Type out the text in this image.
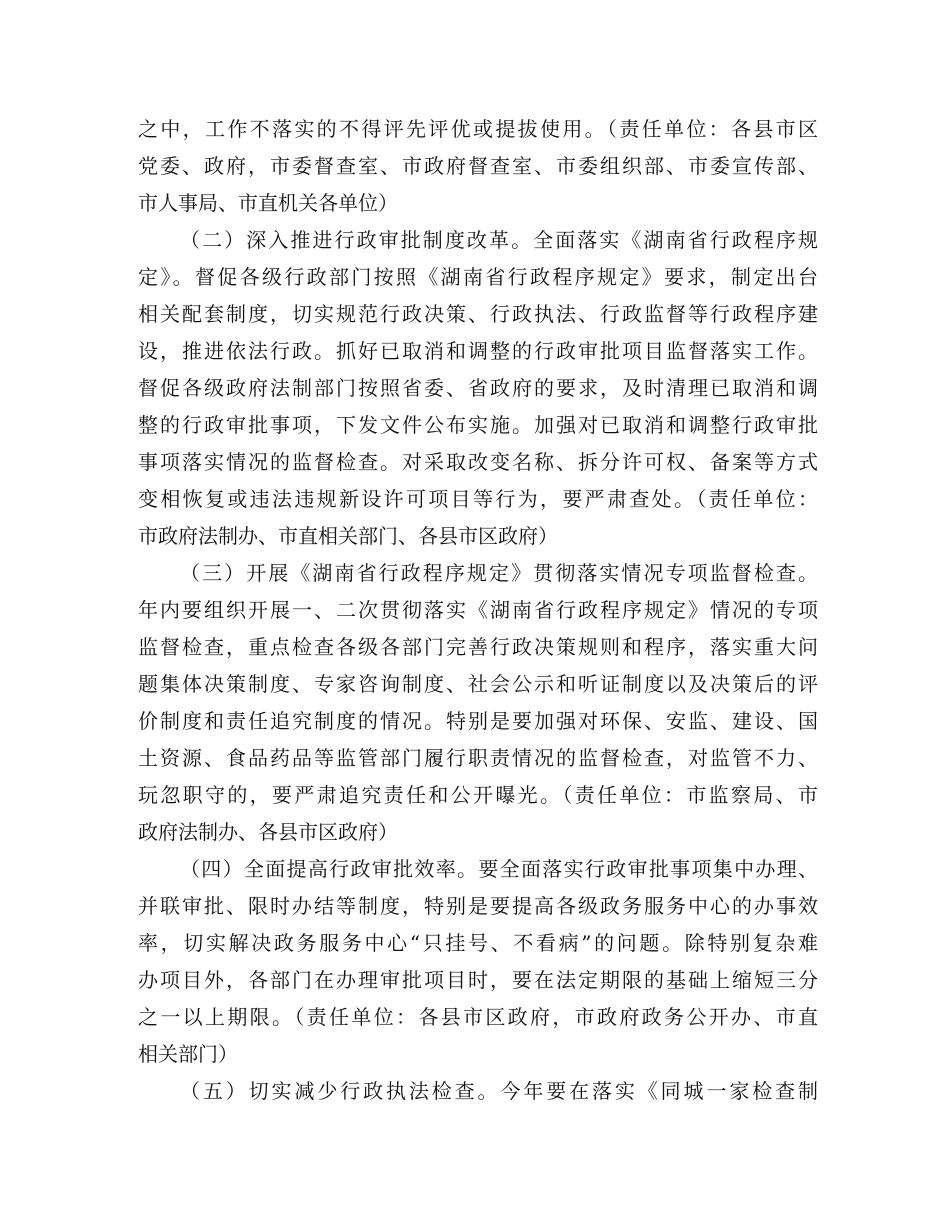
之中，工作不落实的不得评先评优或提拔使用。（责任单位：各县市区
党委、政府，市委督查室、市政府督查室、市委组织部、市委宣传部、
市人事局、市直机关各单位）
（二）深入推进行政审批制度改革。全面落实《湖南省行政程序规
定》。督促各级行政部门按照《湖南省行政程序规定》要求，制定出台
相关配套制度，切实规范行政决策、行政执法、行政监督等行政程序建
设，推进依法行政。抓好已取消和调整的行政审批项目监督落实工作。
督促各级政府法制部门按照省委、省政府的要求，及时清理已取消和调
整的行政审批事项，下发文件公布实施。加强对已取消和调整行政审批
事项落实情况的监督检查。对采取改变名称、拆分许可权、备案等方式
变相恢复或违法违规新设许可项目等行为，要严肃查处。（责任单位：
市政府法制办、市直相关部门、各县市区政府）
（三）开展《湖南省行政程序规定》贯彻落实情况专项监督检查。
年内要组织开展一、二次贯彻落实《湖南省行政程序规定》情况的专项
监督检查，重点检查各级各部门完善行政决策规则和程序，落实重大问
题集体决策制度、专家咨询制度、社会公示和听证制度以及决策后的评
价制度和责任追究制度的情况。特别是要加强对环保、安监、建设、国
土资源、食品药品等监管部门履行职责情况的监督检查，对监管不力、
玩忽职守的，要严肃追究责任和公开曝光。（责任单位：市监察局、市
政府法制办、各县市区政府）
（四）全面提高行政审批效率。要全面落实行政审批事项集中办理、
并联审批、限时办结等制度，特别是要提高各级政务服务中心的办事效
率，切实解决政务服务中心“只挂号、不看病”的问题。除特别复杂难
办项目外，各部门在办理审批项目时，要在法定期限的基础上缩短三分
之一以上期限。（责任单位：各县市区政府，市政府政务公开办、市直
相关部门）
（五）切实减少行政执法检查。今年要在落实《同城一家检查制
